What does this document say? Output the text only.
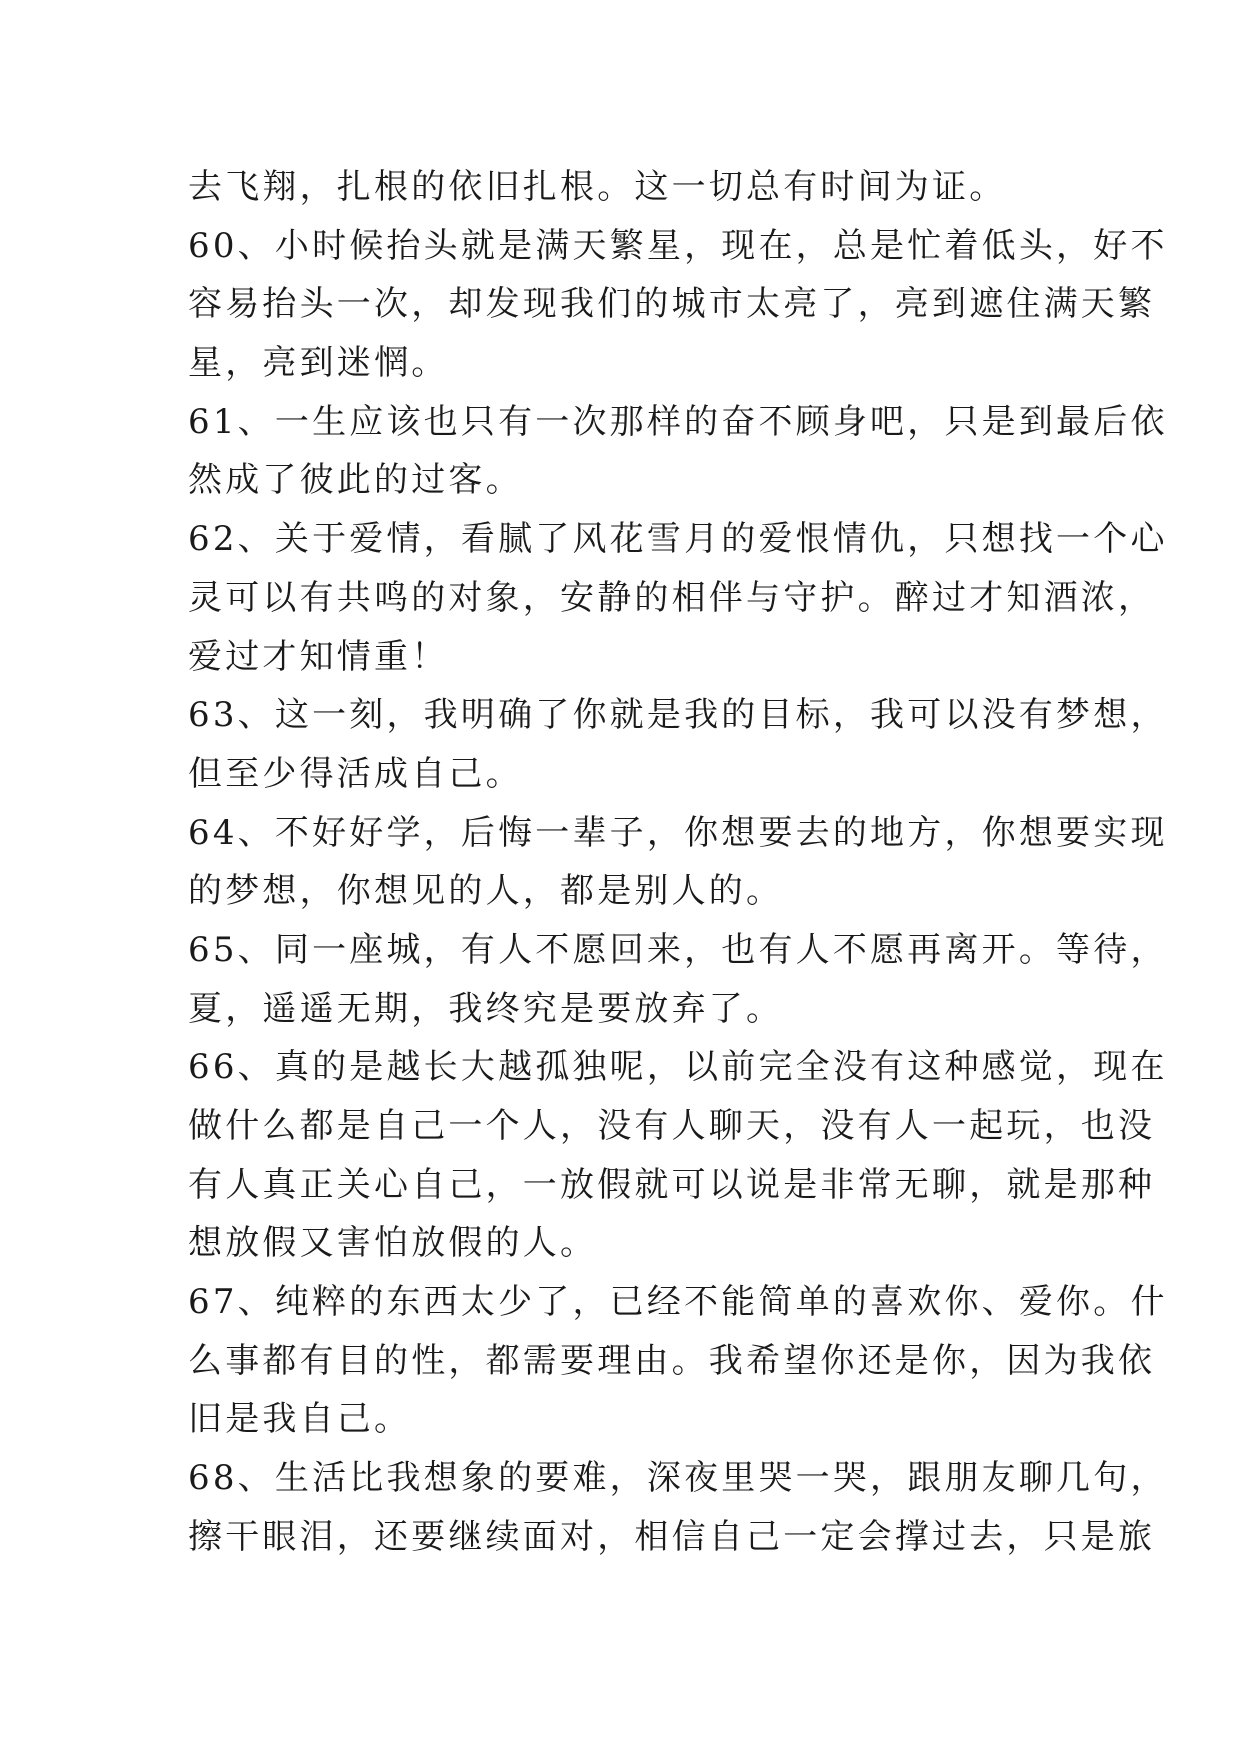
去飞翔，扎根的依旧扎根。这一切总有时间为证。
60、小时候抬头就是满天繁星，现在，总是忙着低头，好不
容易抬头一次，却发现我们的城市太亮了，亮到遮住满天繁
星，亮到迷惘。
61、一生应该也只有一次那样的奋不顾身吧，只是到最后依
然成了彼此的过客。
62、关于爱情，看腻了风花雪月的爱恨情仇，只想找一个心
灵可以有共鸣的对象，安静的相伴与守护。醉过才知酒浓，
爱过才知情重！
63、这一刻，我明确了你就是我的目标，我可以没有梦想，
但至少得活成自己。
64、不好好学，后悔一辈子，你想要去的地方，你想要实现
的梦想，你想见的人，都是别人的。
65、同一座城，有人不愿回来，也有人不愿再离开。等待，
夏，遥遥无期，我终究是要放弃了。
66、真的是越长大越孤独呢，以前完全没有这种感觉，现在
做什么都是自己一个人，没有人聊天，没有人一起玩，也没
有人真正关心自己，一放假就可以说是非常无聊，就是那种
想放假又害怕放假的人。
67、纯粹的东西太少了，已经不能简单的喜欢你、爱你。什
么事都有目的性，都需要理由。我希望你还是你，因为我依
旧是我自己。
68、生活比我想象的要难，深夜里哭一哭，跟朋友聊几句，
擦干眼泪，还要继续面对，相信自己一定会撑过去，只是旅
